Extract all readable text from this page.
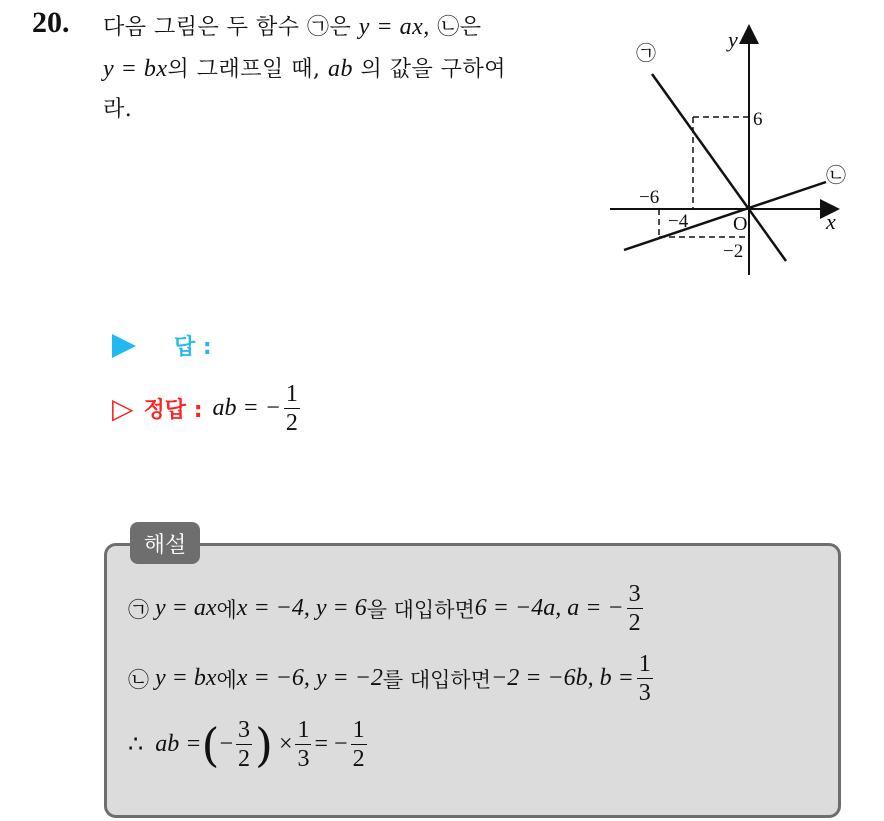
20. 다음 그림은 두 함수 ㉠은 y = ax, ㉡은
y = bx의 그래프일 때, ab 의 값을 구하여
라.
㉠
㉡
y
x
O
6
−6
−4
−2
답 :
▷ 정답 : ab = − $\frac{1}{2}$
해설
㉠
y = ax 에 x = −4, y = 6 을 대입하면 6 = −4a, a = − $\frac{3}{2}$
㉡
y = bx 에 x = −6, y = −2 를 대입하면 −2 = −6b, $b = \frac{1}{3}$
∴
ab = ( − $\frac{3}{2}$ )
× $\frac{1}{3}$ = − $\frac{1}{2}$
